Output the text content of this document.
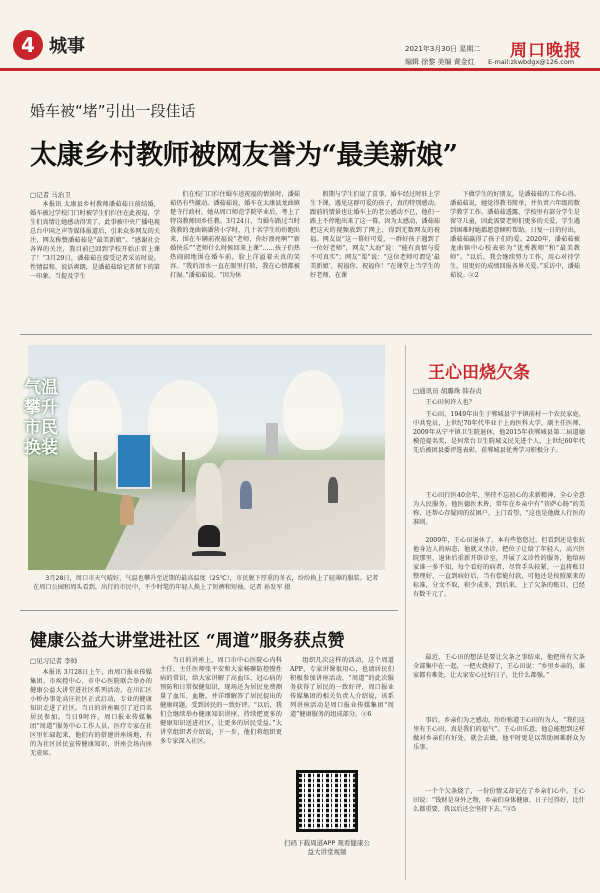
4 城事	2021年3月30日 星期二
编辑 徐黎 美编 黄金红
周口晚报
E-mail:zkwbdgx@126.com
婚车被“堵”引出一段佳话
太康乡村教师被网友誉为“最美新娘”
□记者 马治卫
本报讯 太康县乡村教师潘茹茹日前结婚，婚车被过学校门口时被学生们拦住在此祝福，学生们真情让她感动得哭了。此事被中央广播电视总台中国之声等媒体报道后，引来众多网友的关注，网友称赞潘茹茹是“最美新娘”。“感谢社会各界的关注，我目前已回到学校开始正常上课了！”3月29日，潘茹茹在接受记者采访时说。性情温和、说话爽朗，是潘茹茹给记者留下的第一印象。当提及学生
们在校门口拦住婚车送祝福的情景时，潘茹茹仍有些激动。潘茹茹说，婚车在太康县龙曲镇楚寺行政村，她从周口师范学院毕业后，考上了特岗教师回乡任教。3月24日，当婚车路过当时我教的龙曲镇潘营小学时，几十名学生纷纷跑出来，围在车辆前祝福说“老师，你好漂亮啊”“新婚快乐”“老师什么时候回来上课”……孩子们热热闹闹地围在婚车前，脸上洋溢着天真的笑容。“我的泪水一直在眼里打转，我在心情都被打湿。”潘茹茹说。“因为休
假期与学生们说了喜事，婚车经过时驻上学生下课，遇见这群可爱的孩子，真的特别感动。跟前的情景也让婚车上的老公感动不已，他们一路上不停地出来了这一幕。因为太感动，潘茹茹把这天的视频放到了网上，得到无数网友的祝福。网友说“这一幕好可爱，一群好孩子遇到了一位好老师”，网友“大海”说：“能有真情与爱不可真实”；网友“栗”说：“这位老师可谓是‘最美新娘’，祝福你、祝福你！”在课堂上当学生的好老师，在课
下做学生的好朋友，是潘茹茹的工作心得。潘茹茹说，她觉得教书简单，并负责六年级的数学教学工作。潘茹茹透露，学校里有部分学生是留守儿童，因此需要老师们更多的关爱，学生遇到困难时她都愿意倾听帮助。日复一日的付出，潘茹茹赢得了孩子们的爱。2020年，潘茹茹被龙曲镇中心校表彰为“优秀教师”和“最美教师”。“以后，我会继续努力工作，用心对待学生，用更好的成绩回报各界关爱。”采访中，潘茹茹说。②2
气温攀升 市民换装
3月28日，周口市天气晴好，气温也攀升至近期的最高温度（25℃），市民脱下厚重的冬衣，纷纷换上了轻薄的服装。记者在周口公园和周头看到，出行的市民中，不少时髦的年轻人换上了短裤和短袖。记者 孙发军 摄
王心田烧欠条
□通讯员 胡璐珠 韩春贞
王心田何许人也？
王心田，1949年出生于郸城县宁平镇前村一个农民家庭，中共党员，上世纪70年代毕业于上海医科大学，副主任医师，2009年从宁平镇卫生院退休，他2015年获郸城县第二届道德模范提名奖，是何常台卫生院城义民先进个人，上世纪60年代先后被团县委评选表彰，获郸城县优秀学习积极分子。
王心田行医40余年，坚持不忘初心的求新精神，全心全意为人民服务。他医德医术皆，常年在乡亲中有“菩萨心肠”的美称，还帮心存疑问的贫困户，上门看望，“这也是他做人行医的准则。
2009年，王心田退休了，本有些悠悠过，但看到还是张抗他身边人的病态，他就又坐诊，把位子让给了年轻人，高兴医院那里，退休后重新开辟诊室，开展了义诊性的服务，他给病家谁一多不知，每个看好的病者，尽管手头较紧，一直将账目整理好，一直到病好后，当有偿能付款，可他还是按照原来的标准，分文不取，积少成多，到后来，上了欠条的账目，已经有数千元了。
最近，王心田的想法是要让欠条之事结束，他把所有欠条全部集中在一起，一把火烧掉了，王心田说：“乡里乡亲的，谁家都有难处，让大家安心过好日子，比什么都强。”
事后，乡亲们为之感动，纷纷称道王心田的为人，“我们这里有王心田，真是我们的福气”。王心田乐意，他总能想到这样做对乡亲们有好处，就会去做，他平时更是以帮助困难群众为乐事。
一个个欠条烧了，一份份情义却记在了乡亲们心中。王心田说：“钱财是身外之物，乡亲们身体健康、日子过得好，比什么都重要，我以后还会坚持下去。”②5
健康公益大讲堂进社区 “周道”服务获点赞
□见习记者 李帅
本报讯 3月28日上午，由周口报业传媒集团、市疾控中心、市中心医院联合举办的健康公益大讲堂进社区系列活动，在川汇区小桥办事处高庄社区正式启动，专业的健康知识走进了社区。当日的讲座吸引了近百名居民参加。当日9时许，周口报业传媒集团“周道”服务中心工作人员、医疗专家在社区里忙碌起来，他们有的搭建讲座场地，有的为社区居民宣传健康知识，讲座会场内座无虚席。
当日的讲座上，周口市中心医院心内科主任、主任医师张平安和大家畅聊防控慢性病的常识，给大家讲解了高血压、冠心病的预防和日常保健知识，现场还为居民免费测量了血压、血糖，并详细解答了居民提出的健康问题，受到居民的一致好评。“以后，我们会继续举办健康知识讲座，持续把更多的健康知识送进社区，让更多的居民受益。”大讲堂组织者介绍说，下一步，他们将组织更多专家深入社区。
组织几次这样的活动，这个周道APP，专家讲课很用心，也请居民们积极参加讲座活动，“周道”的此次服务获得了居民的一致好评，周口报业传媒集团的相关负责人介绍说，该系列讲座活动是周口报业传媒集团“周道”健康服务的组成部分。②6
扫码下载周道APP 观看健康公益大讲堂视频
